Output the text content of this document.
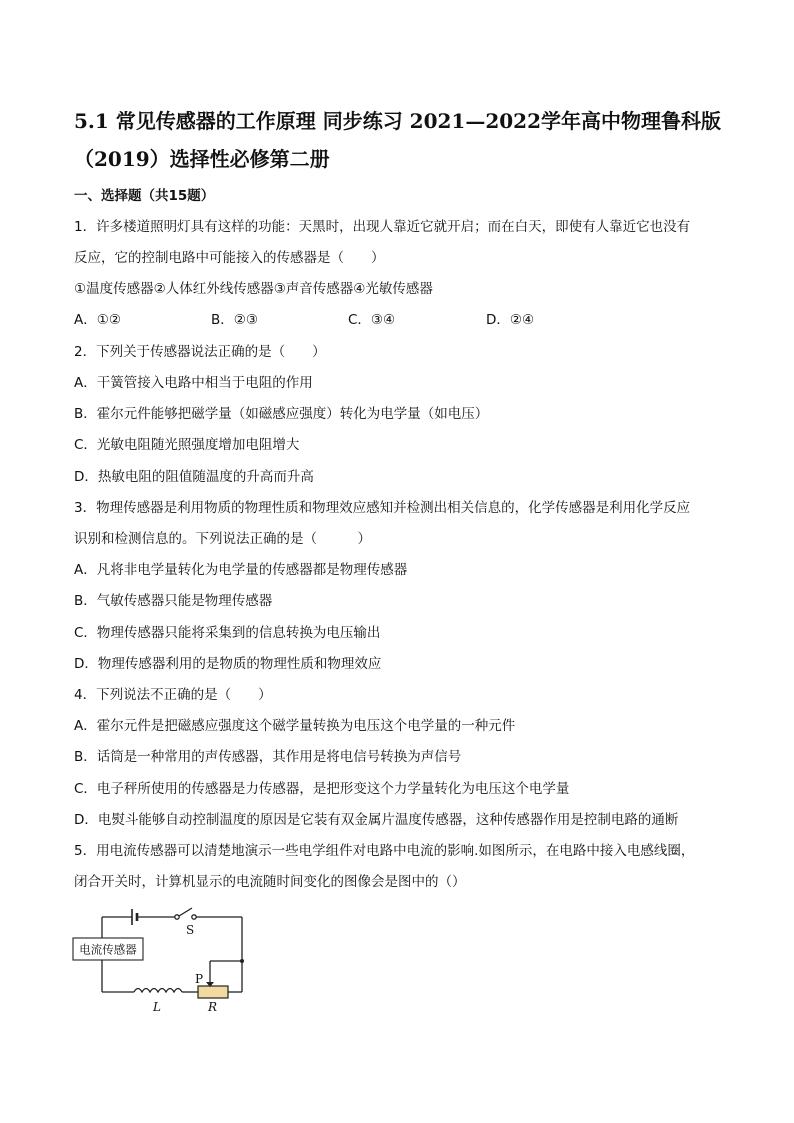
5.1 常见传感器的工作原理 同步练习 2021—2022学年高中物理鲁科版
（2019）选择性必修第二册
一、选择题（共15题）
1．许多楼道照明灯具有这样的功能：天黑时，出现人靠近它就开启；而在白天，即使有人靠近它也没有
反应，它的控制电路中可能接入的传感器是（　　）
①温度传感器②人体红外线传感器③声音传感器④光敏传感器
A．①②	B．②③	C．③④	D．②④
2．下列关于传感器说法正确的是（　　）
A．干簧管接入电路中相当于电阻的作用
B．霍尔元件能够把磁学量（如磁感应强度）转化为电学量（如电压）
C．光敏电阻随光照强度增加电阻增大
D．热敏电阻的阻值随温度的升高而升高
3．物理传感器是利用物质的物理性质和物理效应感知并检测出相关信息的，化学传感器是利用化学反应
识别和检测信息的。下列说法正确的是（　　　）
A．凡将非电学量转化为电学量的传感器都是物理传感器
B．气敏传感器只能是物理传感器
C．物理传感器只能将采集到的信息转换为电压输出
D．物理传感器利用的是物质的物理性质和物理效应
4．下列说法不正确的是（　　）
A．霍尔元件是把磁感应强度这个磁学量转换为电压这个电学量的一种元件
B．话筒是一种常用的声传感器，其作用是将电信号转换为声信号
C．电子秤所使用的传感器是力传感器，是把形变这个力学量转化为电压这个电学量
D．电熨斗能够自动控制温度的原因是它装有双金属片温度传感器，这种传感器作用是控制电路的通断
5．用电流传感器可以清楚地演示一些电学组件对电路中电流的影响.如图所示，在电路中接入电感线圈，
闭合开关时，计算机显示的电流随时间变化的图像会是图中的（）
电流传感器
S
P
L	R
